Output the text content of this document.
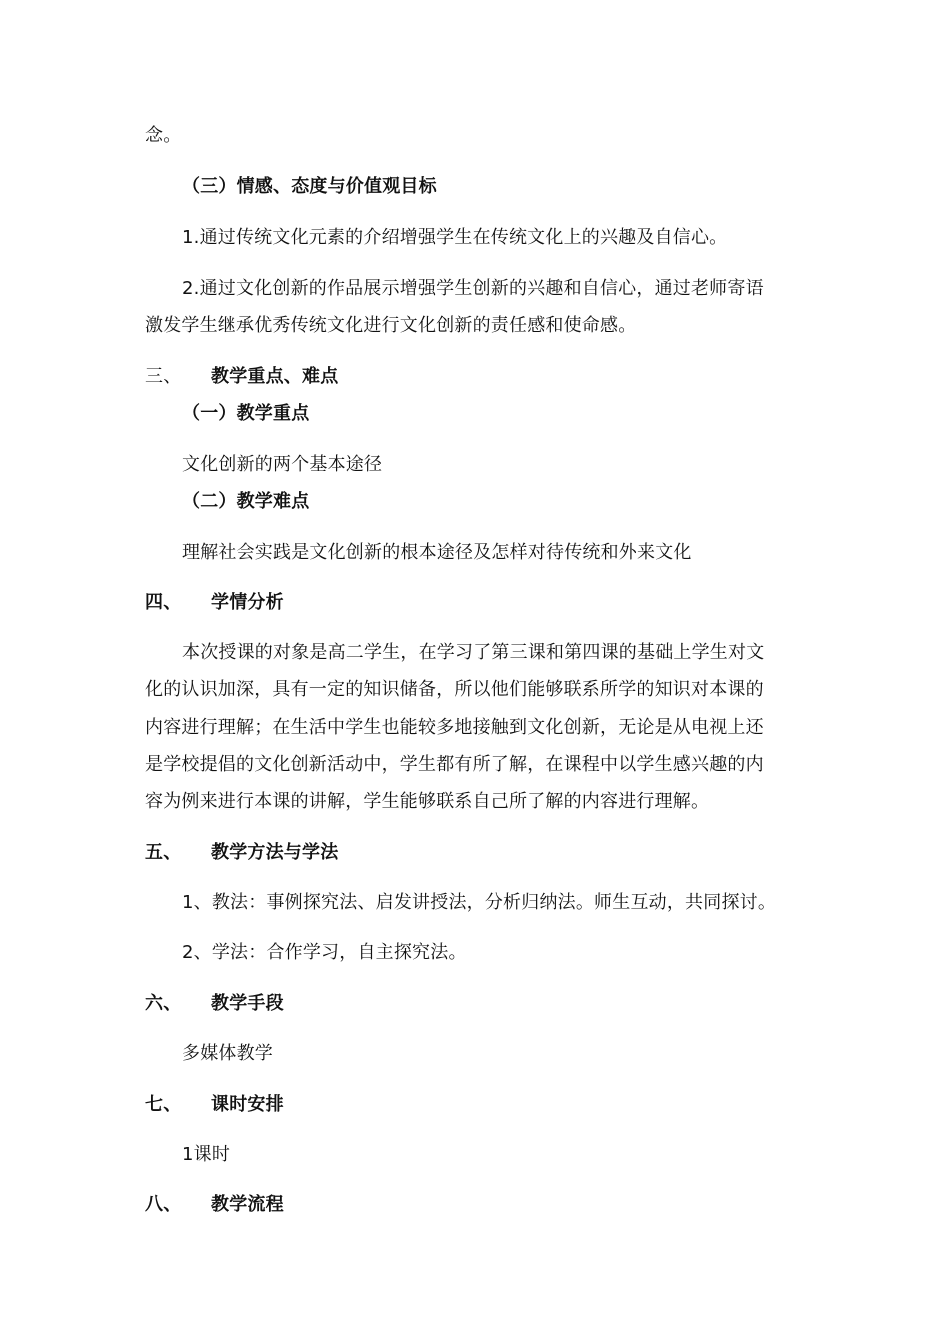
念。
（三）情感、态度与价值观目标
1.通过传统文化元素的介绍增强学生在传统文化上的兴趣及自信心。
2.通过文化创新的作品展示增强学生创新的兴趣和自信心，通过老师寄语
激发学生继承优秀传统文化进行文化创新的责任感和使命感。
三、 教学重点、难点
（一）教学重点
文化创新的两个基本途径
（二）教学难点
理解社会实践是文化创新的根本途径及怎样对待传统和外来文化
四、 学情分析
本次授课的对象是高二学生，在学习了第三课和第四课的基础上学生对文
化的认识加深，具有一定的知识储备，所以他们能够联系所学的知识对本课的
内容进行理解；在生活中学生也能较多地接触到文化创新，无论是从电视上还
是学校提倡的文化创新活动中，学生都有所了解，在课程中以学生感兴趣的内
容为例来进行本课的讲解，学生能够联系自己所了解的内容进行理解。
五、 教学方法与学法
1、教法：事例探究法、启发讲授法，分析归纳法。师生互动，共同探讨。
2、学法：合作学习，自主探究法。
六、 教学手段
多媒体教学
七、 课时安排
1课时
八、 教学流程
